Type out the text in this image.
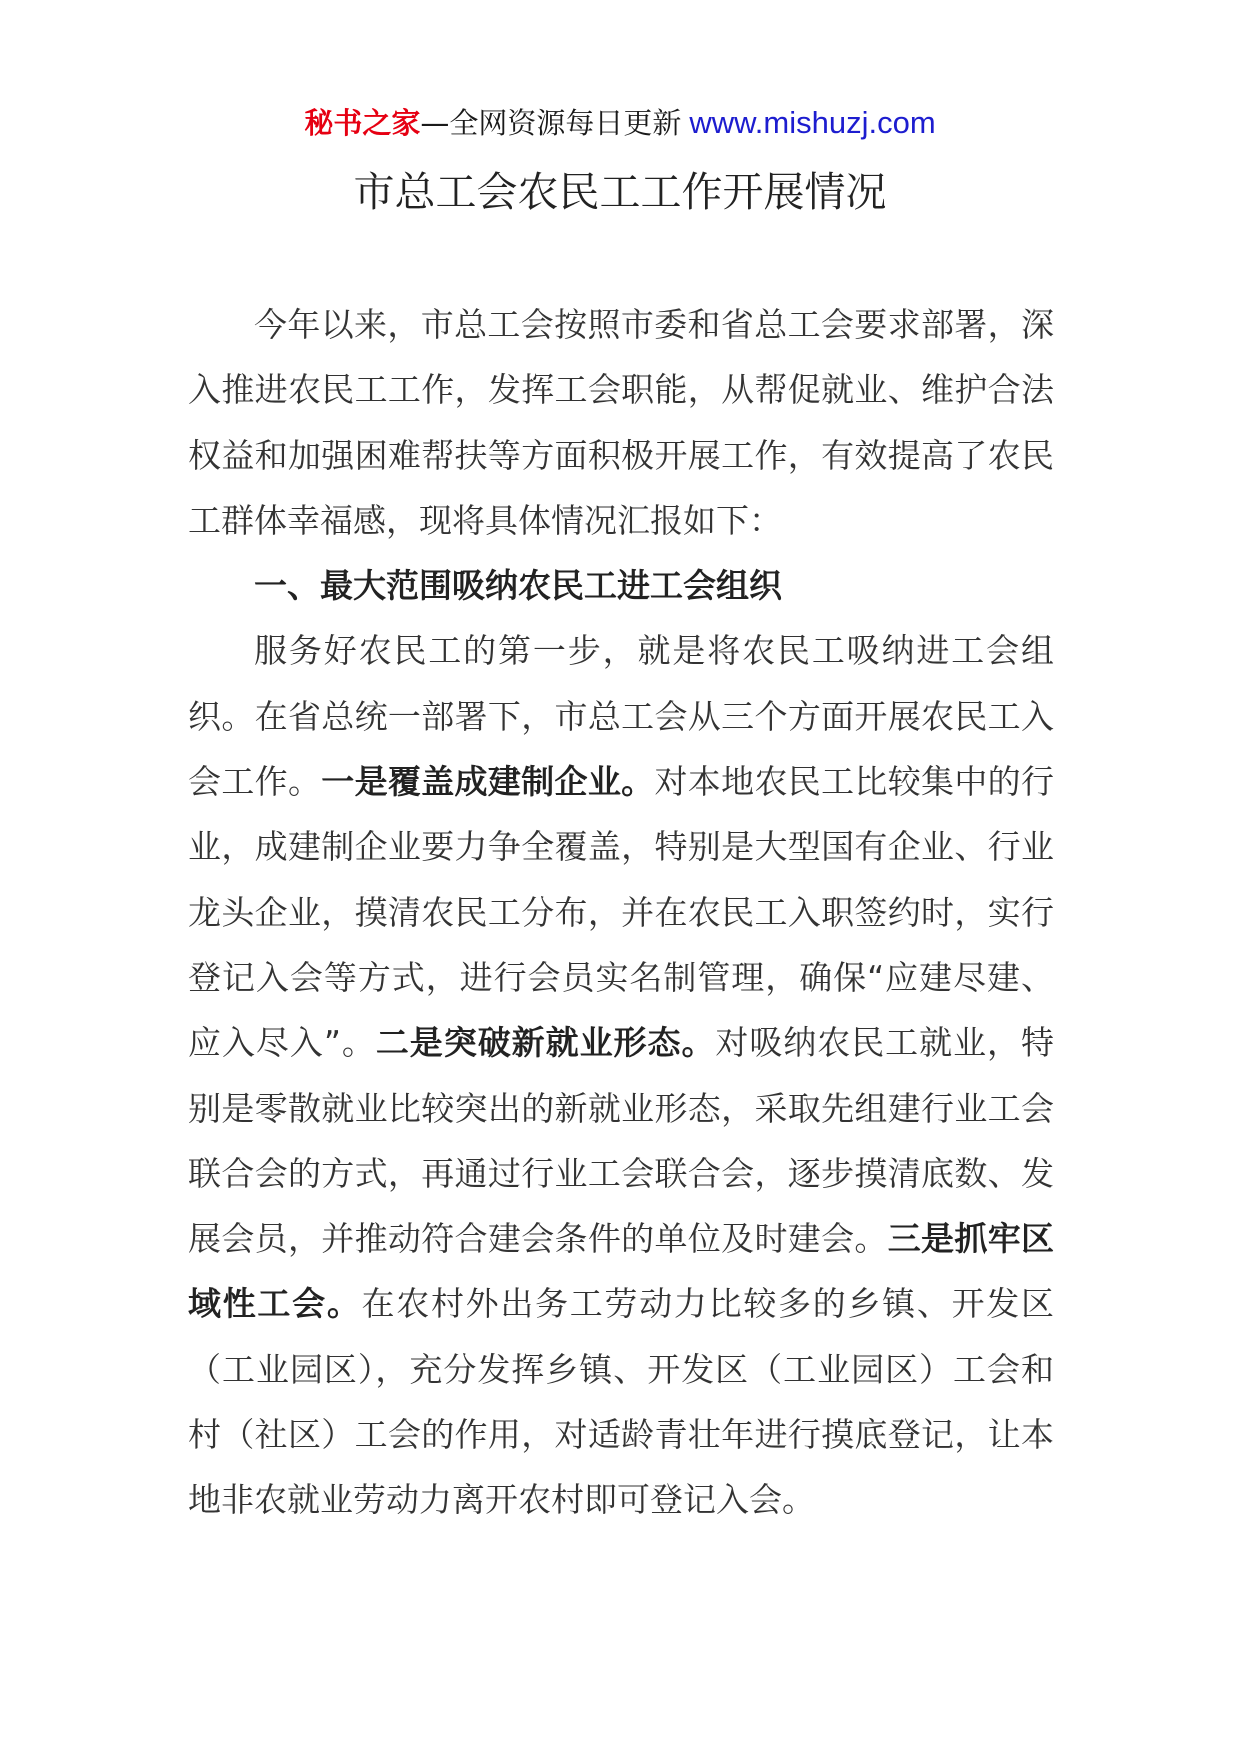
秘书之家—全网资源每日更新 www.mishuzj.com
市总工会农民工工作开展情况

今年以来，市总工会按照市委和省总工会要求部署，深入推进农民工工作，发挥工会职能，从帮促就业、维护合法权益和加强困难帮扶等方面积极开展工作，有效提高了农民工群体幸福感，现将具体情况汇报如下：

一、最大范围吸纳农民工进工会组织

服务好农民工的第一步，就是将农民工吸纳进工会组织。在省总统一部署下，市总工会从三个方面开展农民工入会工作。一是覆盖成建制企业。对本地农民工比较集中的行业，成建制企业要力争全覆盖，特别是大型国有企业、行业龙头企业，摸清农民工分布，并在农民工入职签约时，实行登记入会等方式，进行会员实名制管理，确保“应建尽建、应入尽入”。二是突破新就业形态。对吸纳农民工就业，特别是零散就业比较突出的新就业形态，采取先组建行业工会联合会的方式，再通过行业工会联合会，逐步摸清底数、发展会员，并推动符合建会条件的单位及时建会。三是抓牢区域性工会。在农村外出务工劳动力比较多的乡镇、开发区（工业园区），充分发挥乡镇、开发区（工业园区）工会和村（社区）工会的作用，对适龄青壮年进行摸底登记，让本地非农就业劳动力离开农村即可登记入会。
